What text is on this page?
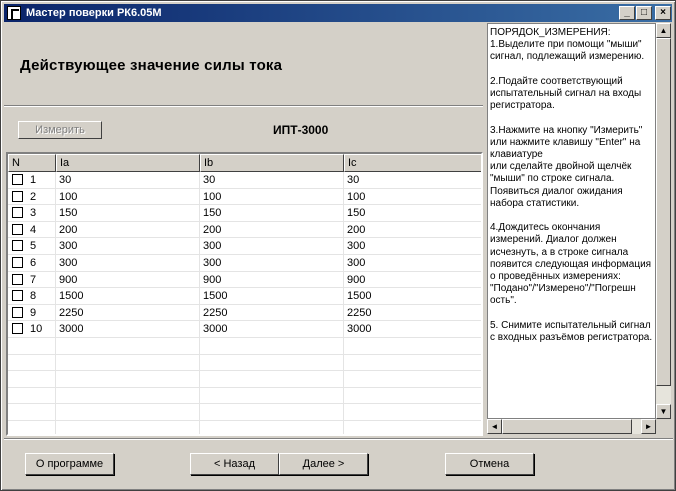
Мастер поверки РК6.05М	_	□	×
Действующее значение силы тока
Измерить	ИПТ-3000
N	Ia	Ib	Ic
1	30	30	30
2	100	100	100
3	150	150	150
4	200	200	200
5	300	300	300
6	300	300	300
7	900	900	900
8	1500	1500	1500
9	2250	2250	2250
10	3000	3000	3000
ПОРЯДОК_ИЗМЕРЕНИЯ:
1.Выделите при помощи "мыши" сигнал, подлежащий измерению.

2.Подайте соответствующий испытательный сигнал на входы регистратора.

3.Нажмите на кнопку "Измерить"
или нажмите клавишу "Enter" на клавиатуре
или сделайте двойной щелчёк "мыши" по строке сигнала.
Появиться диалог ожидания набора статистики.

4.Дождитесь окончания измерений. Диалог должен исчезнуть, а в строке сигнала появится следующая информация о проведённых измерениях:
"Подано"/"Измерено"/"Погрешн ость".

5. Снимите испытательный сигнал с входных разъёмов регистратора.
▲
▼
◄	►
О программе	< Назад	Далее >	Отмена
